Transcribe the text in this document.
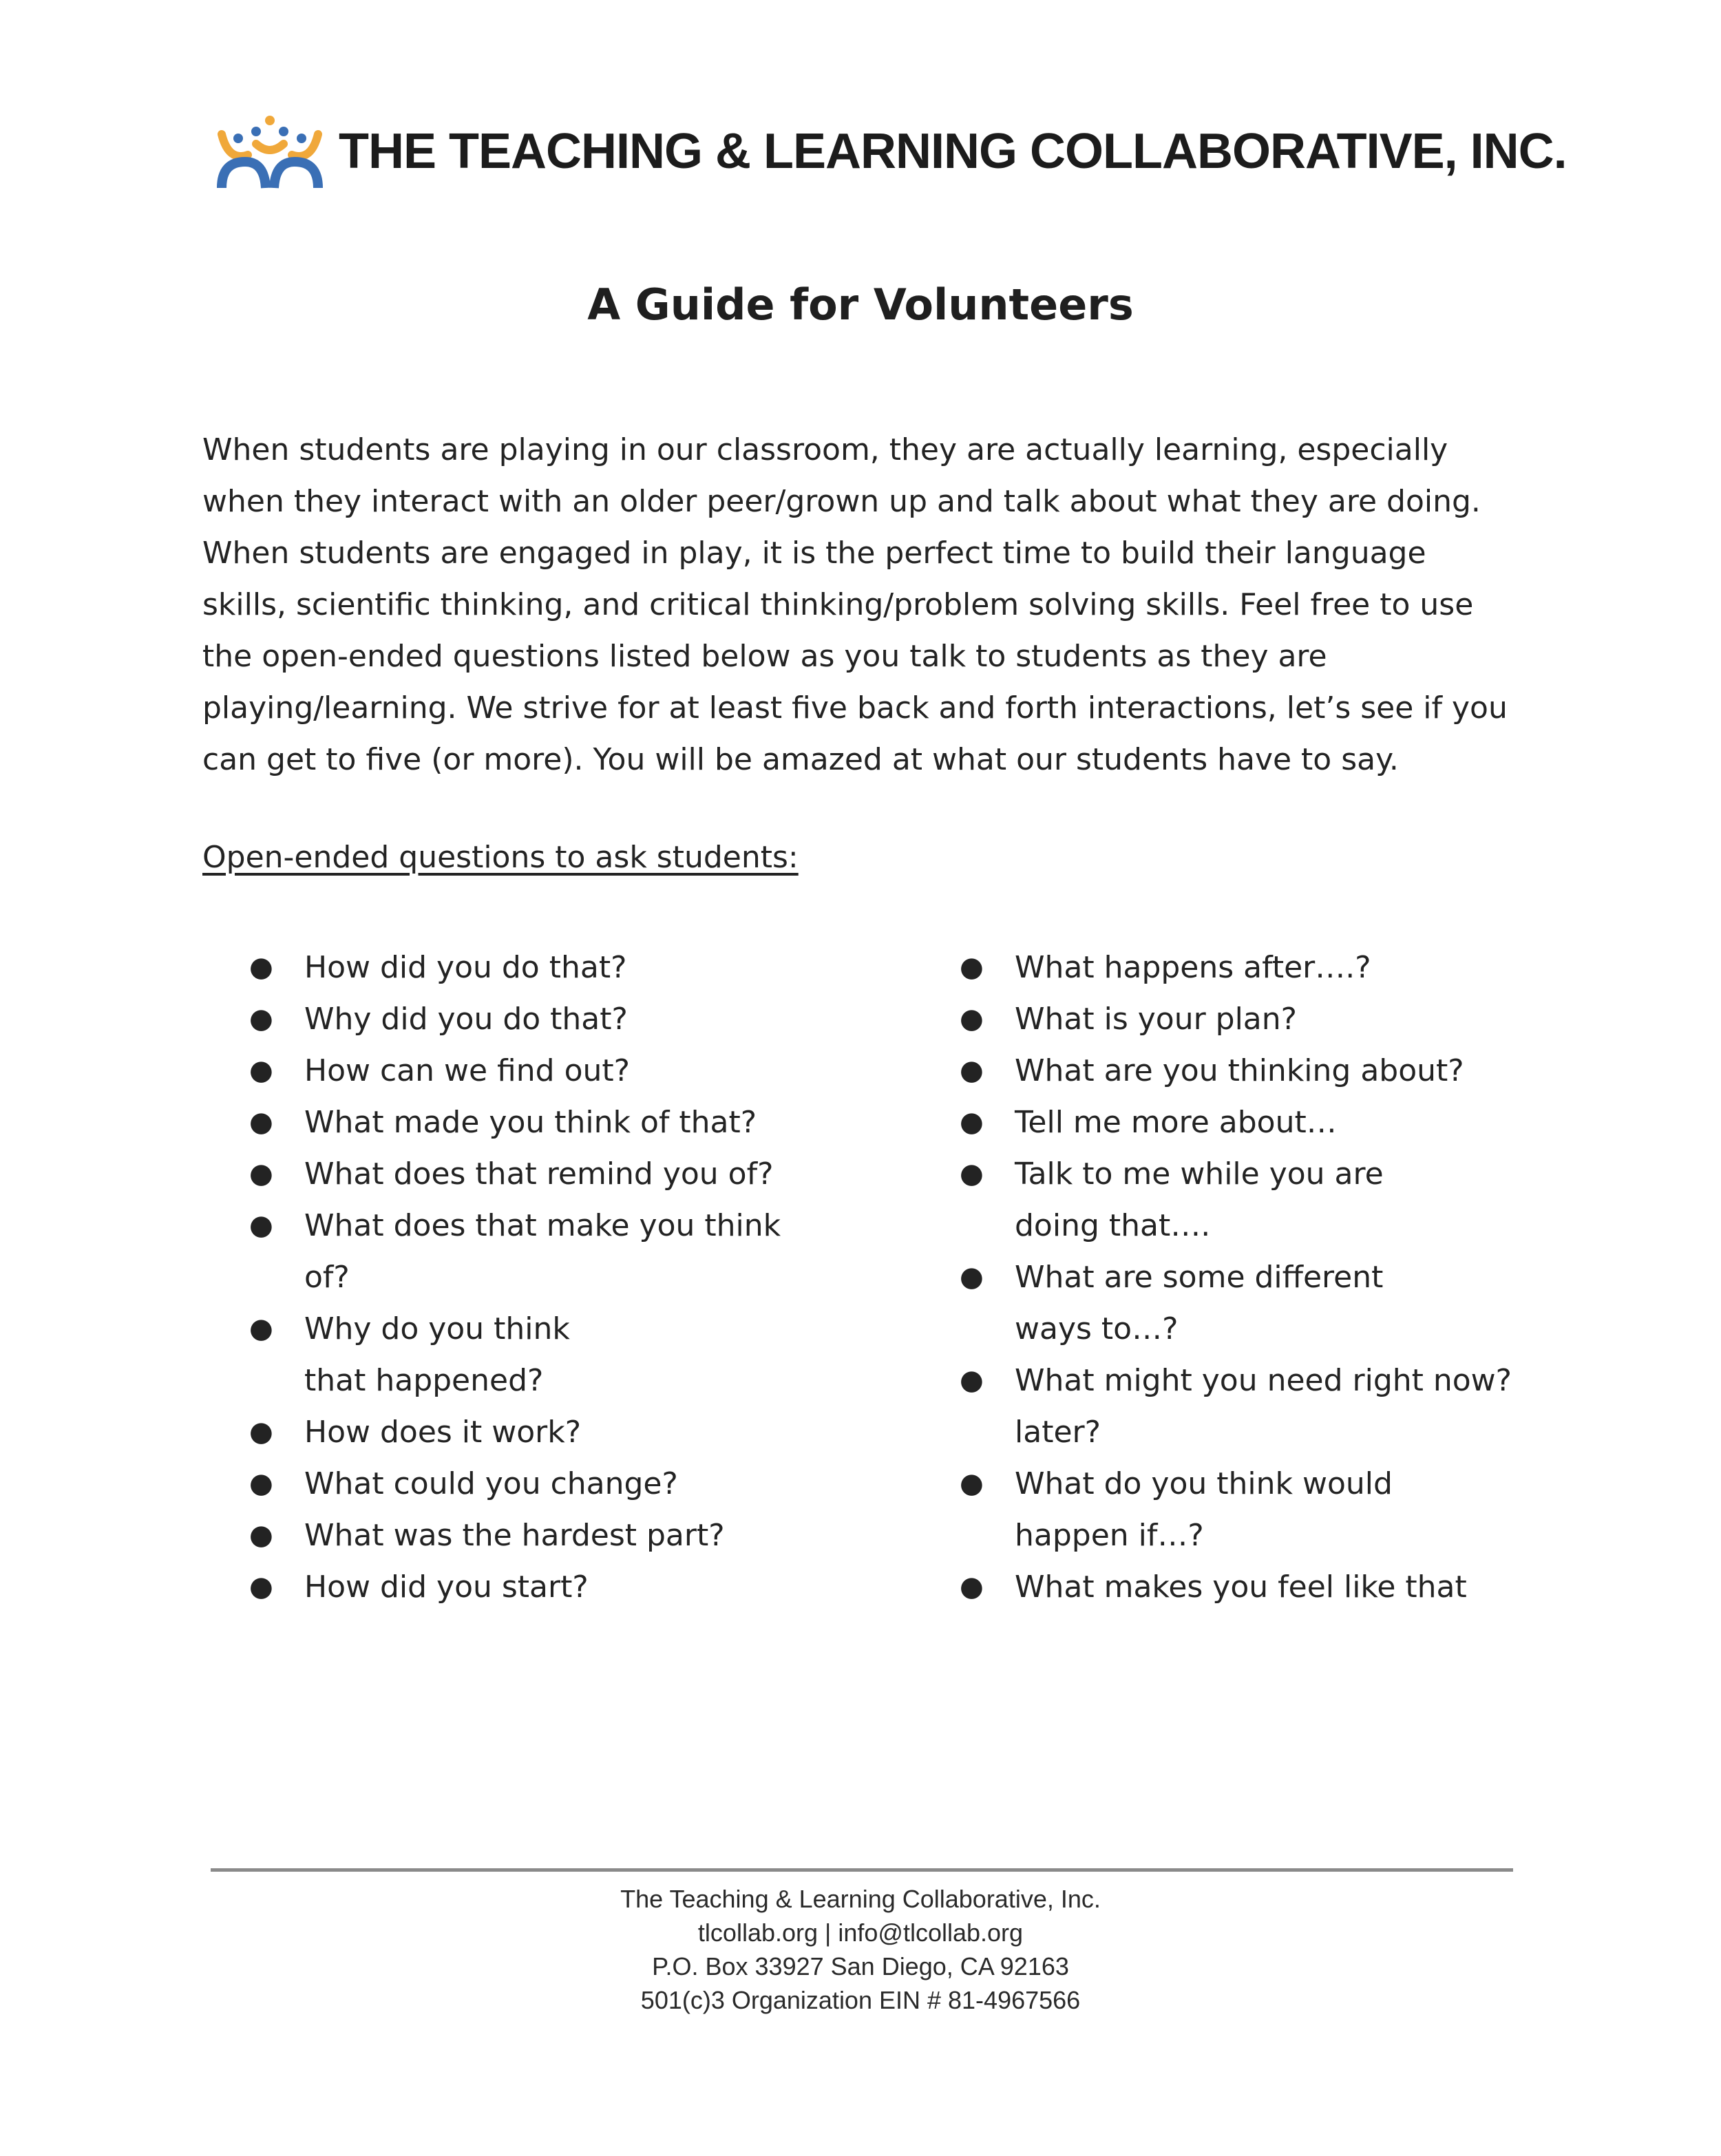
THE TEACHING & LEARNING COLLABORATIVE, INC.
A Guide for Volunteers

When students are playing in our classroom, they are actually learning, especially
when they interact with an older peer/grown up and talk about what they are doing.
When students are engaged in play, it is the perfect time to build their language
skills, scientific thinking, and critical thinking/problem solving skills. Feel free to use
the open-ended questions listed below as you talk to students as they are
playing/learning. We strive for at least five back and forth interactions, let’s see if you
can get to five (or more). You will be amazed at what our students have to say.

Open-ended questions to ask students:
● How did you do that?
● Why did you do that?
● How can we find out?
● What made you think of that?
● What does that remind you of?
● What does that make you think of?
● Why do you think that happened?
● How does it work?
● What could you change?
● What was the hardest part?
● How did you start?
● What happens after….?
● What is your plan?
● What are you thinking about?
● Tell me more about…
● Talk to me while you are doing that….
● What are some different ways to…?
● What might you need right now? later?
● What do you think would happen if…?
● What makes you feel like that
The Teaching & Learning Collaborative, Inc.
tlcollab.org | info@tlcollab.org
P.O. Box 33927 San Diego, CA 92163
501(c)3 Organization EIN # 81-4967566
